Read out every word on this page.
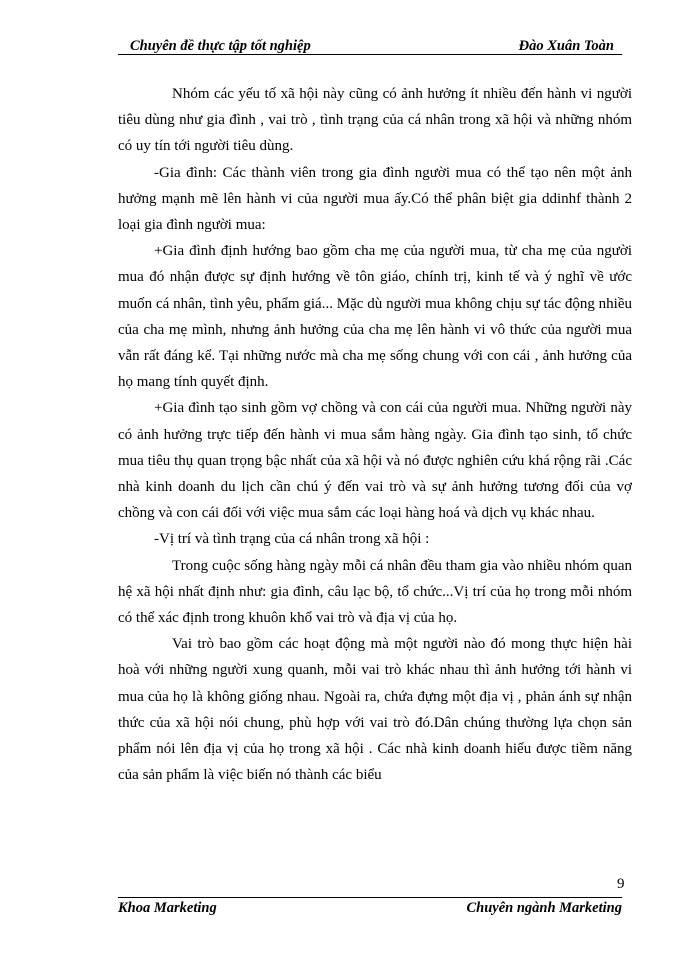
Chuyên đề thực tập tốt nghiệp	Đào Xuân Toàn

Nhóm các yếu tố xã hội này cũng có ảnh hưởng ít nhiều đến hành vi người tiêu dùng như gia đình , vai trò , tình trạng của cá nhân trong xã hội và những nhóm có uy tín tới người tiêu dùng.

-Gia đình: Các thành viên trong gia đình người mua có thể tạo nên một ảnh hưởng mạnh mẽ lên hành vi của người mua ấy.Có thể phân biệt gia ddinhf thành 2 loại gia đình người mua:

+Gia đình định hướng bao gồm cha mẹ của người mua, từ cha mẹ của người mua đó nhận được sự định hướng về tôn giáo, chính trị, kinh tế và ý nghĩ về ước muốn cá nhân, tình yêu, phẩm giá... Mặc dù người mua không chịu sự tác động nhiều của cha mẹ mình, nhưng ảnh hưởng của cha mẹ lên hành vi vô thức của người mua vẫn rất đáng kể. Tại những nước mà cha mẹ sống chung với con cái , ảnh hưởng của họ mang tính quyết định.

+Gia đình tạo sinh gồm vợ chồng và con cái của người mua. Những người này có ảnh hưởng trực tiếp đến hành vi mua sắm hàng ngày. Gia đình tạo sinh, tổ chức mua tiêu thụ quan trọng bậc nhất của xã hội và nó được nghiên cứu khá rộng rãi .Các nhà kinh doanh du lịch cần chú ý đến vai trò và sự ảnh hưởng tương đối của vợ chồng và con cái đối với việc mua sắm các loại hàng hoá và dịch vụ khác nhau.

-Vị trí và tình trạng của cá nhân trong xã hội :

Trong cuộc sống hàng ngày mỗi cá nhân đều tham gia vào nhiều nhóm quan hệ xã hội nhất định như: gia đình, câu lạc bộ, tổ chức...Vị trí của họ trong mỗi nhóm có thể xác định trong khuôn khổ vai trò và địa vị của họ.

Vai trò bao gồm các hoạt động mà một người nào đó mong thực hiện hài hoà với những người xung quanh, mỗi vai trò khác nhau thì ảnh hưởng tới hành vi mua của họ là không giống nhau. Ngoài ra, chứa đựng một địa vị , phản ánh sự nhận thức của xã hội nói chung, phù hợp với vai trò đó.Dân chúng thường lựa chọn sản phẩm nói lên địa vị của họ trong xã hội . Các nhà kinh doanh hiểu được tiềm năng của sản phẩm là việc biến nó thành các biểu

9
Khoa Marketing	Chuyên ngành Marketing
